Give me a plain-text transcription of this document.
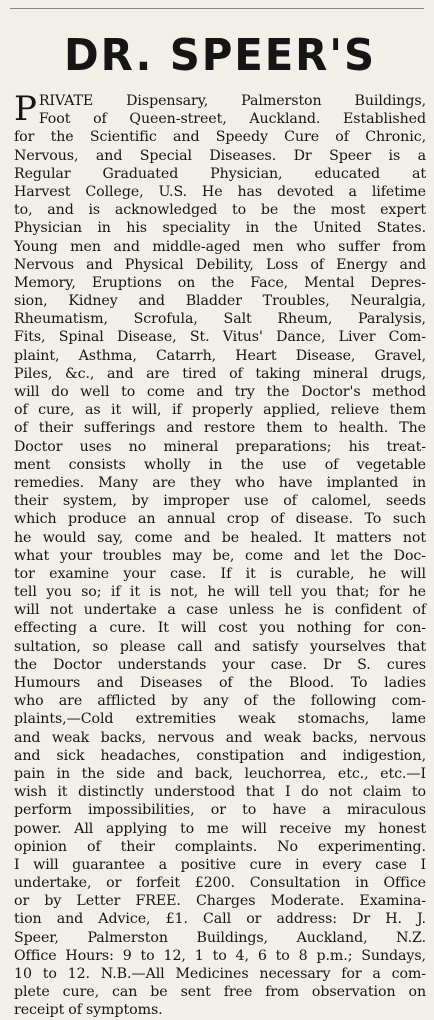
DR. SPEER'S
P RIVATE Dispensary, Palmerston Buildings,
Foot of Queen-street, Auckland. Established
for the Scientific and Speedy Cure of Chronic,
Nervous, and Special Diseases. Dr Speer is a
Regular Graduated Physician, educated at
Harvest College, U.S. He has devoted a lifetime
to, and is acknowledged to be the most expert
Physician in his speciality in the United States.
Young men and middle-aged men who suffer from
Nervous and Physical Debility, Loss of Energy and
Memory, Eruptions on the Face, Mental Depres-
sion, Kidney and Bladder Troubles, Neuralgia,
Rheumatism, Scrofula, Salt Rheum, Paralysis,
Fits, Spinal Disease, St. Vitus' Dance, Liver Com-
plaint, Asthma, Catarrh, Heart Disease, Gravel,
Piles, &c., and are tired of taking mineral drugs,
will do well to come and try the Doctor's method
of cure, as it will, if properly applied, relieve them
of their sufferings and restore them to health. The
Doctor uses no mineral preparations; his treat-
ment consists wholly in the use of vegetable
remedies. Many are they who have implanted in
their system, by improper use of calomel, seeds
which produce an annual crop of disease. To such
he would say, come and be healed. It matters not
what your troubles may be, come and let the Doc-
tor examine your case. If it is curable, he will
tell you so; if it is not, he will tell you that; for he
will not undertake a case unless he is confident of
effecting a cure. It will cost you nothing for con-
sultation, so please call and satisfy yourselves that
the Doctor understands your case. Dr S. cures
Humours and Diseases of the Blood. To ladies
who are afflicted by any of the following com-
plaints,—Cold extremities weak stomachs, lame
and weak backs, nervous and weak backs, nervous
and sick headaches, constipation and indigestion,
pain in the side and back, leuchorrea, etc., etc.—I
wish it distinctly understood that I do not claim to
perform impossibilities, or to have a miraculous
power. All applying to me will receive my honest
opinion of their complaints. No experimenting.
I will guarantee a positive cure in every case I
undertake, or forfeit £200. Consultation in Office
or by Letter FREE. Charges Moderate. Examina-
tion and Advice, £1. Call or address: Dr H. J.
Speer, Palmerston Buildings, Auckland, N.Z.
Office Hours: 9 to 12, 1 to 4, 6 to 8 p.m.; Sundays,
10 to 12. N.B.—All Medicines necessary for a com-
plete cure, can be sent free from observation on
receipt of symptoms.
